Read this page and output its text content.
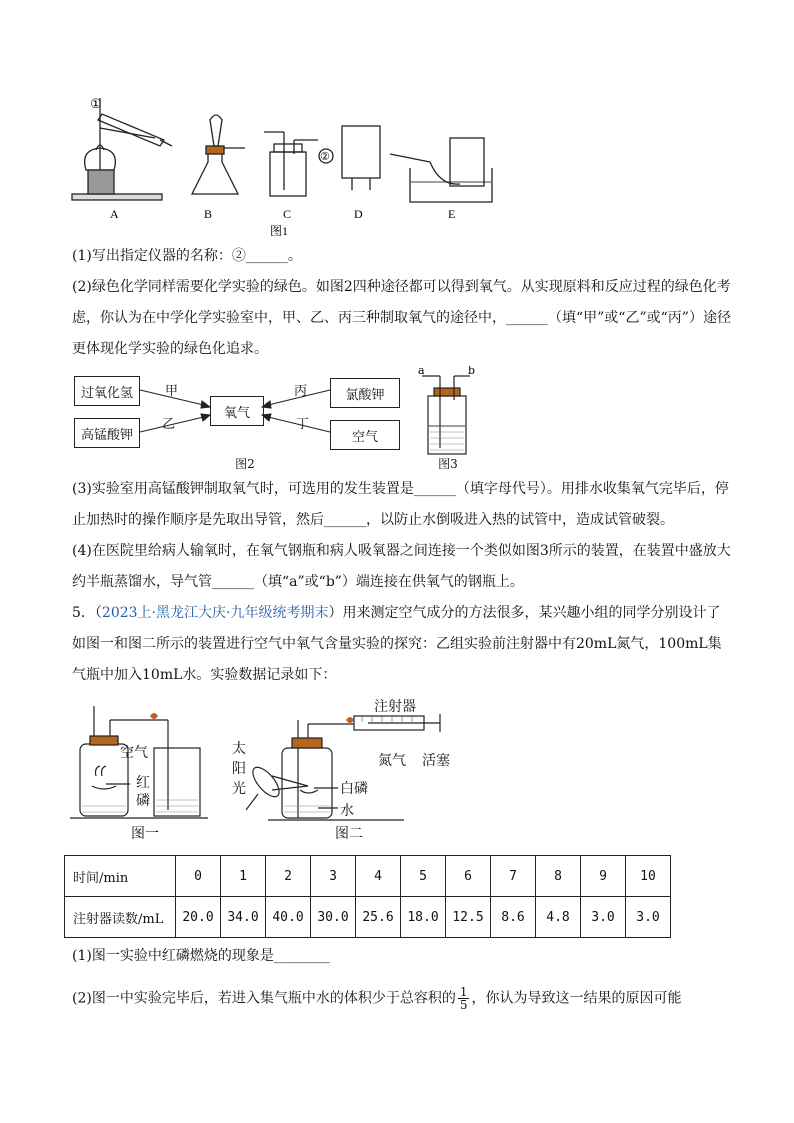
①
②
A	B	C	D	E
图1
(1)写出指定仪器的名称：②______。
(2)绿色化学同样需要化学实验的绿色。如图2四种途径都可以得到氧气。从实现原料和反应过程的绿色化考虑，你认为在中学化学实验室中，甲、乙、丙三种制取氧气的途径中，______（填“甲”或“乙”或“丙”）途径更体现化学实验的绿色化追求。
过氧化氢
高锰酸钾
氧气
氯酸钾
空气
甲
乙
丙
丁
图2
a	b
图3
(3)实验室用高锰酸钾制取氧气时，可选用的发生装置是______（填字母代号）。用排水收集氧气完毕后，停止加热时的操作顺序是先取出导管，然后______，以防止水倒吸进入热的试管中，造成试管破裂。
(4)在医院里给病人输氧时，在氧气钢瓶和病人吸氧器之间连接一个类似如图3所示的装置，在装置中盛放大约半瓶蒸馏水，导气管______（填“a”或“b”）端连接在供氧气的钢瓶上。
5．（2023上·黑龙江大庆·九年级统考期末）用来测定空气成分的方法很多，某兴趣小组的同学分别设计了如图一和图二所示的装置进行空气中氧气含量实验的探究：乙组实验前注射器中有20mL氮气，100mL集气瓶中加入10mL水。实验数据记录如下：
空气
红
磷
图一
注射器
太
阳
光
氮气 活塞
白磷
水
图二
时间/min	0	1	2	3	4	5	6	7	8	9	10
注射器读数/mL	20.0	34.0	40.0	30.0	25.6	18.0	12.5	8.6	4.8	3.0	3.0
(1)图一实验中红磷燃烧的现象是________
(2)图一中实验完毕后，若进入集气瓶中水的体积少于总容积的 $\frac{1}{5}$ ，你认为导致这一结果的原因可能
